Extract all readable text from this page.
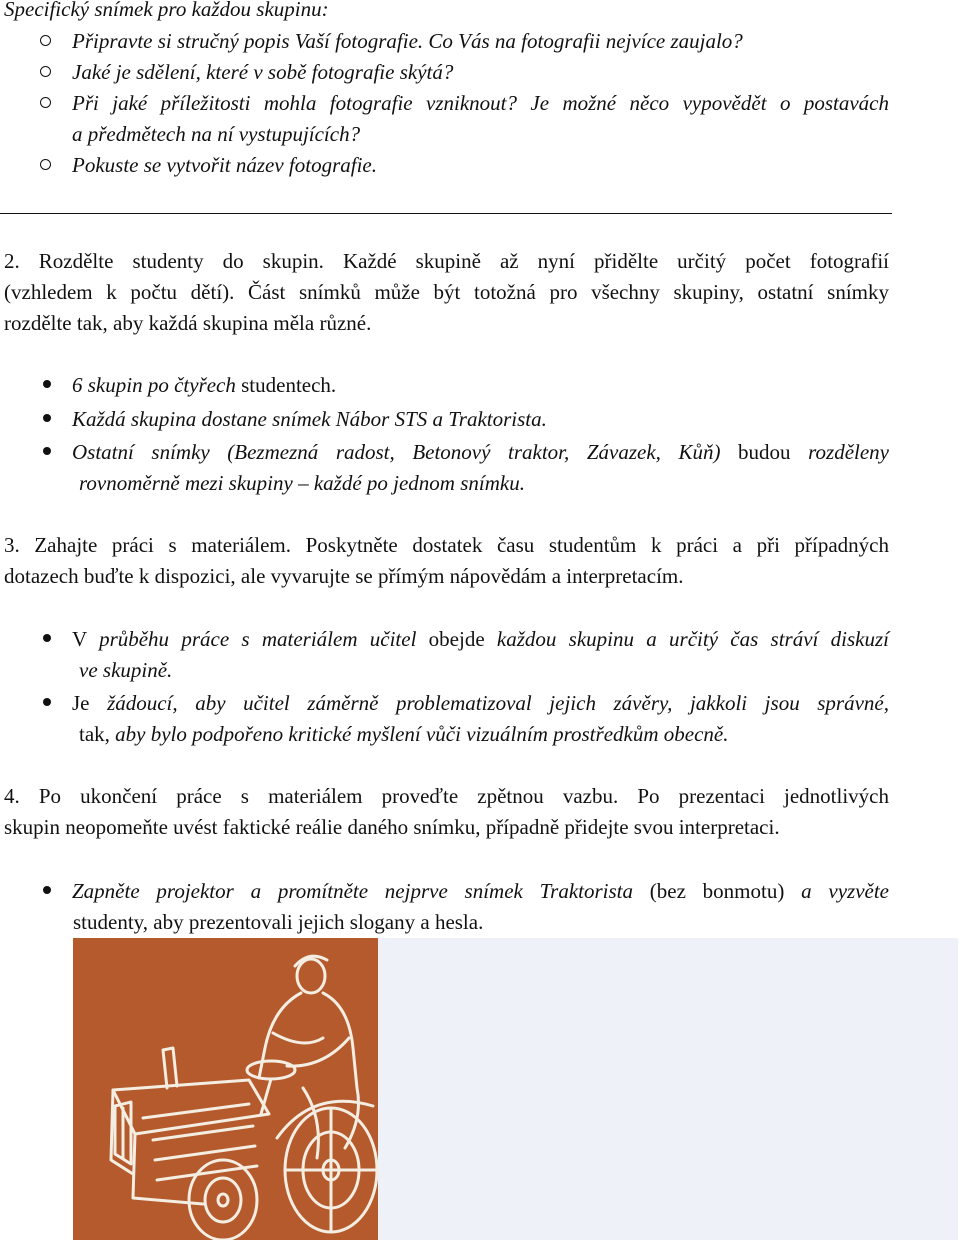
Specifický snímek pro každou skupinu:
Připravte si stručný popis Vaší fotografie. Co Vás na fotografii nejvíce zaujalo?
Jaké je sdělení, které v sobě fotografie skýtá?
Při jaké příležitosti mohla fotografie vzniknout? Je možné něco vypovědět o postavách
a předmětech na ní vystupujících?
Pokuste se vytvořit název fotografie.
2. Rozdělte studenty do skupin. Každé skupině až nyní přidělte určitý počet fotografií
(vzhledem k počtu dětí). Část snímků může být totožná pro všechny skupiny, ostatní snímky
rozdělte tak, aby každá skupina měla různé.
6 skupin po čtyřech studentech.
Každá skupina dostane snímek Nábor STS a Traktorista.
Ostatní snímky (Bezmezná radost, Betonový traktor, Závazek, Kůň) budou rozděleny
rovnoměrně mezi skupiny – každé po jednom snímku.
3. Zahajte práci s materiálem. Poskytněte dostatek času studentům k práci a při případných
dotazech buďte k dispozici, ale vyvarujte se přímým nápovědám a interpretacím.
V průběhu práce s materiálem učitel obejde každou skupinu a určitý čas stráví diskuzí
ve skupině.
Je žádoucí, aby učitel záměrně problematizoval jejich závěry, jakkoli jsou správné,
tak, aby bylo podpořeno kritické myšlení vůči vizuálním prostředkům obecně.
4. Po ukončení práce s materiálem proveďte zpětnou vazbu. Po prezentaci jednotlivých
skupin neopomeňte uvést faktické reálie daného snímku, případně přidejte svou interpretaci.
Zapněte projektor a promítněte nejprve snímek Traktorista (bez bonmotu) a vyzvěte
studenty, aby prezentovali jejich slogany a hesla.
